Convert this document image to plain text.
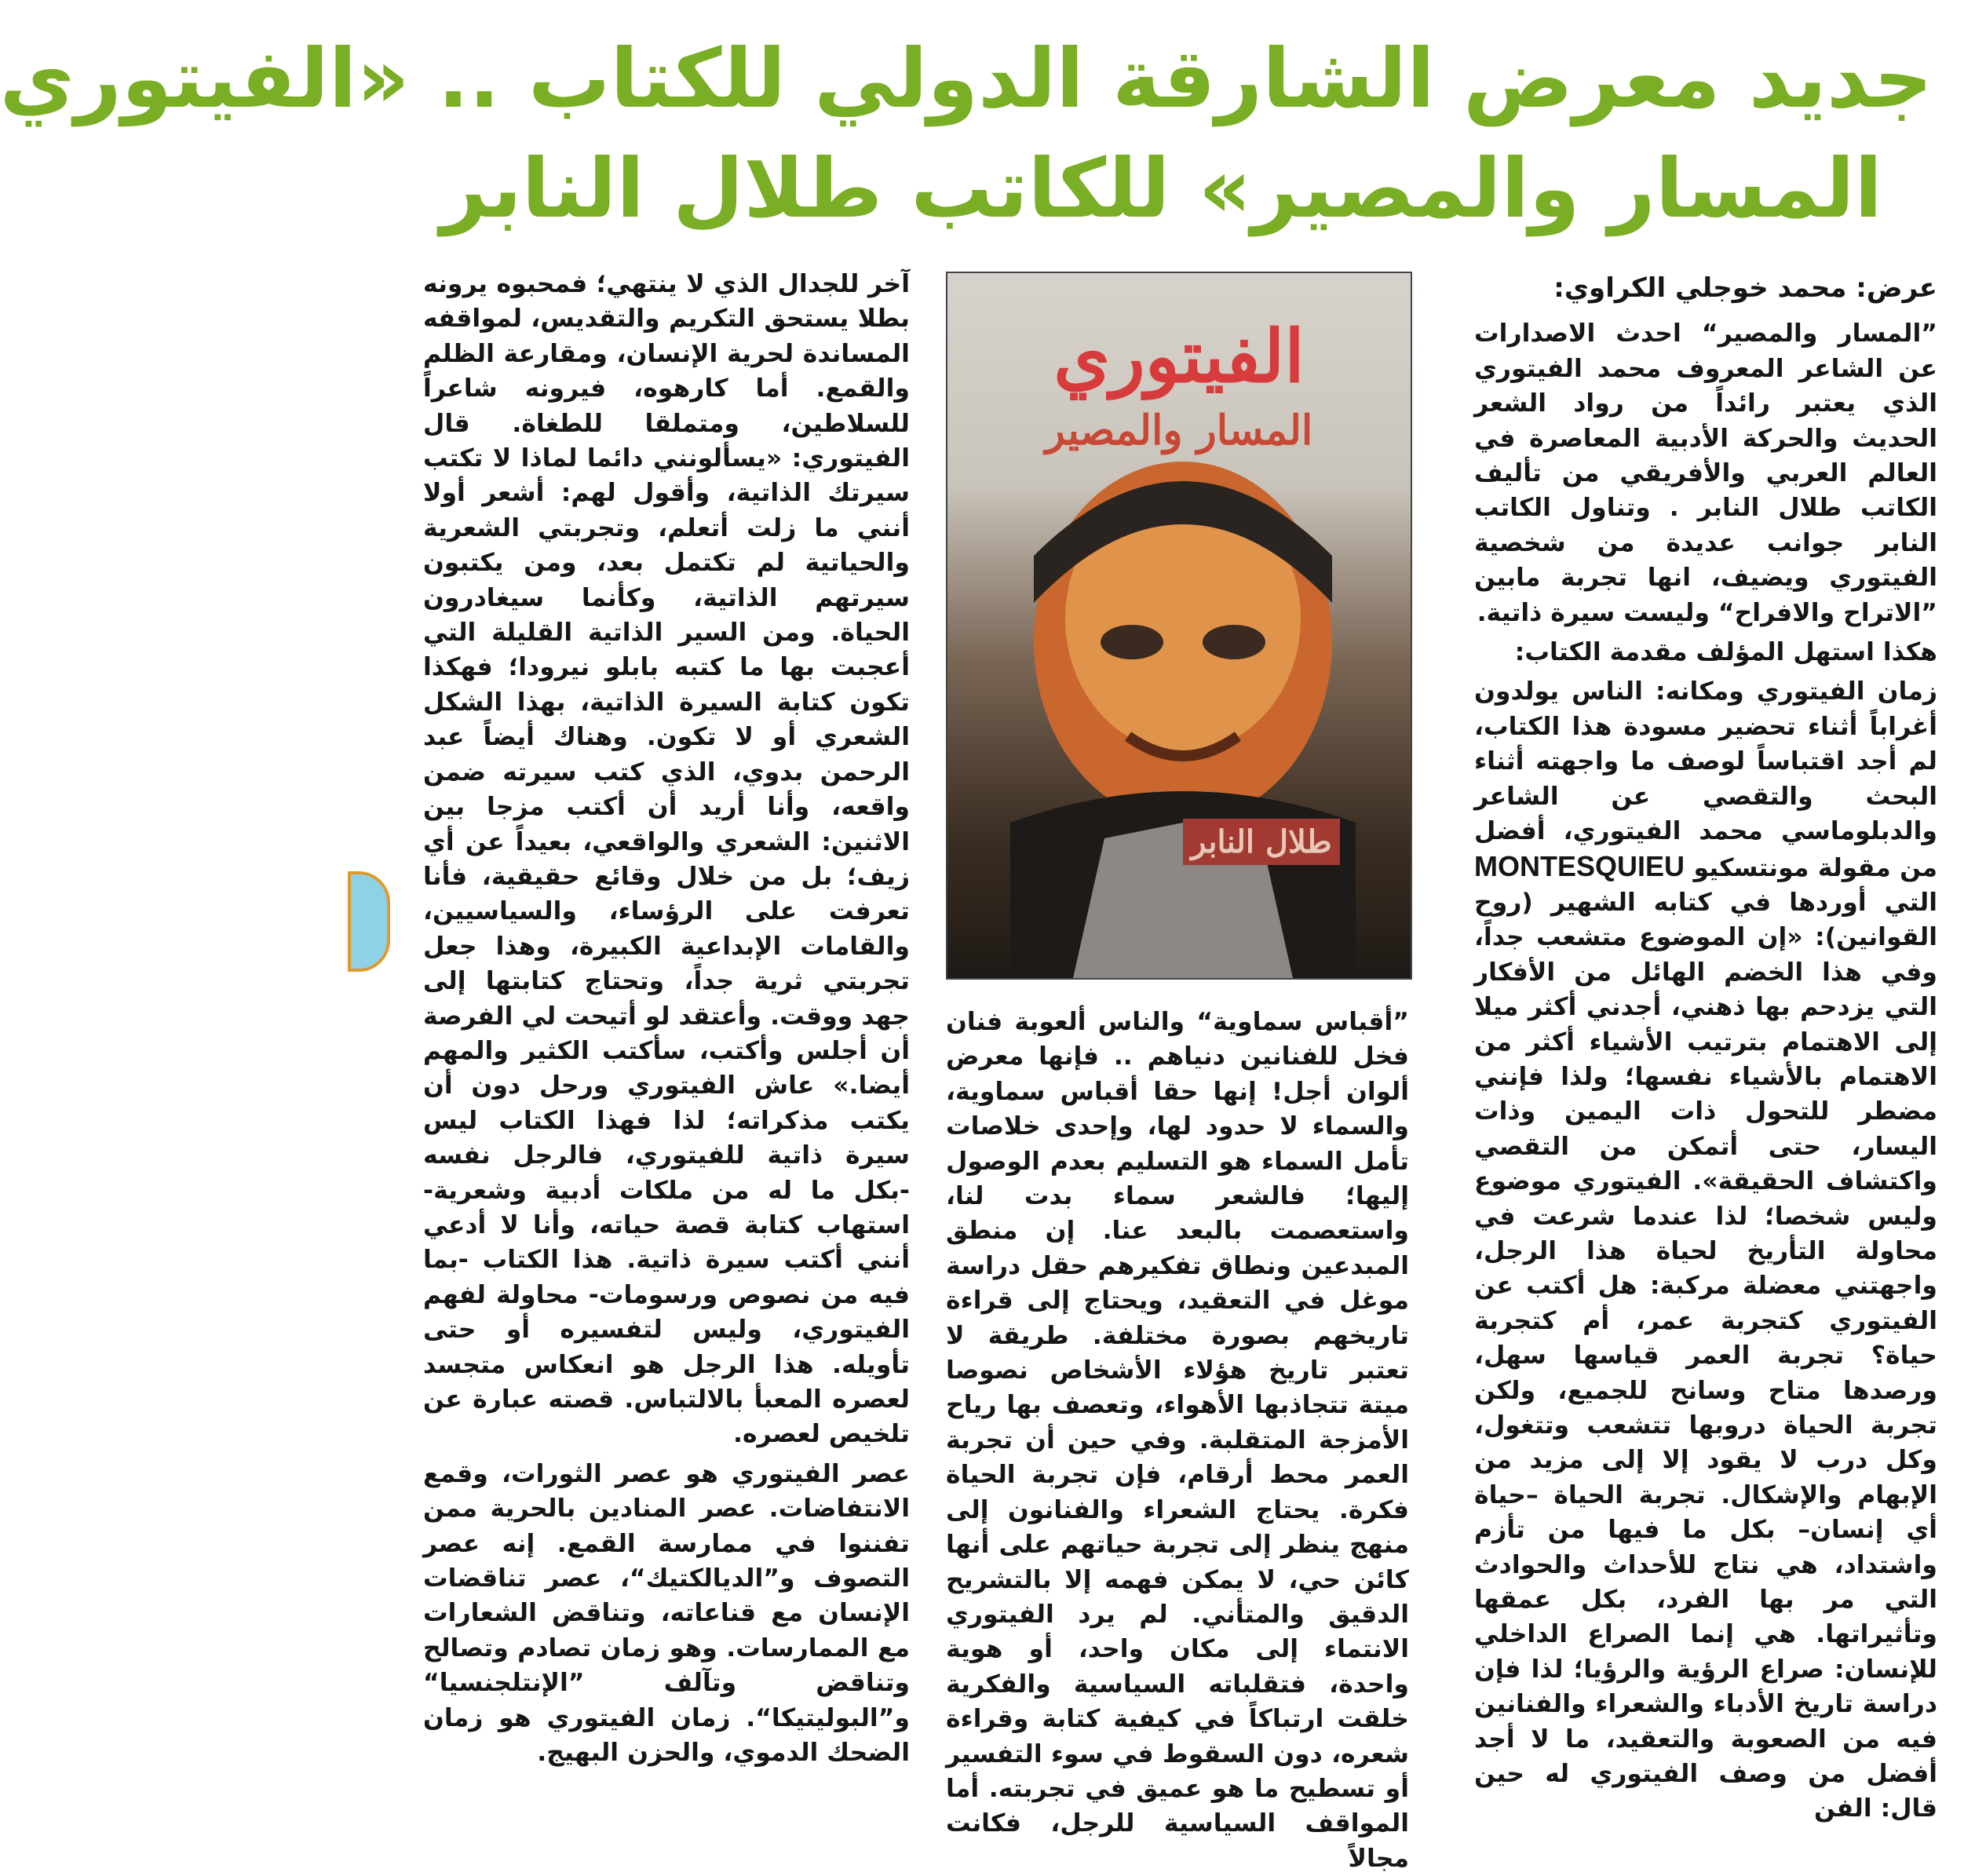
جديد معرض الشارقة الدولي للكتاب .. «الفيتوري
المسار والمصير» للكاتب طلال النابر
عرض: محمد خوجلي الكراوي:

”المسار والمصير“ احدث الاصدارات عن الشاعر المعروف محمد الفيتوري الذي يعتبر رائداً من رواد الشعر الحديث والحركة الأدبية المعاصرة في العالم العربي والأفريقي من تأليف الكاتب طلال النابر . وتناول الكاتب النابر جوانب عديدة من شخصية الفيتوري ويضيف، انها تجربة مابين ”الاتراح والافراح“ وليست سيرة ذاتية.

هكذا استهل المؤلف مقدمة الكتاب:

زمان الفيتوري ومكانه: الناس يولدون أغراباً أثناء تحضير مسودة هذا الكتاب، لم أجد اقتباساً لوصف ما واجهته أثناء البحث والتقصي عن الشاعر والدبلوماسي محمد الفيتوري، أفضل من مقولة مونتسكيو MONTESQUIEU التي أوردها في كتابه الشهير (روح القوانين): «إن الموضوع متشعب جداً، وفي هذا الخضم الهائل من الأفكار التي يزدحم بها ذهني، أجدني أكثر ميلا إلى الاهتمام بترتيب الأشياء أكثر من الاهتمام بالأشياء نفسها؛ ولذا فإنني مضطر للتحول ذات اليمين وذات اليسار، حتى أتمكن من التقصي واكتشاف الحقيقة». الفيتوري موضوع وليس شخصا؛ لذا عندما شرعت في محاولة التأريخ لحياة هذا الرجل، واجهتني معضلة مركبة: هل أكتب عن الفيتوري كتجربة عمر، أم كتجربة حياة؟ تجربة العمر قياسها سهل، ورصدها متاح وسانح للجميع، ولكن تجربة الحياة دروبها تتشعب وتتغول، وكل درب لا يقود إلا إلى مزيد من الإبهام والإشكال. تجربة الحياة –حياة أي إنسان– بكل ما فيها من تأزم واشتداد، هي نتاج للأحداث والحوادث التي مر بها الفرد، بكل عمقها وتأثيراتها. هي إنما الصراع الداخلي للإنسان: صراع الرؤية والرؤيا؛ لذا فإن دراسة تاريخ الأدباء والشعراء والفنانين فيه من الصعوبة والتعقيد، ما لا أجد أفضل من وصف الفيتوري له حين قال: الفن

الفيتوري
المسار والمصير
طلال النابر

”أقباس سماوية“ والناس ألعوبة فنان فخل للفنانين دنياهم .. فإنها معرض ألوان أجل! إنها حقا أقباس سماوية، والسماء لا حدود لها، وإحدى خلاصات تأمل السماء هو التسليم بعدم الوصول إليها؛ فالشعر سماء بدت لنا، واستعصمت بالبعد عنا. إن منطق المبدعين ونطاق تفكيرهم حقل دراسة موغل في التعقيد، ويحتاج إلى قراءة تاريخهم بصورة مختلفة. طريقة لا تعتبر تاريخ هؤلاء الأشخاص نصوصا ميتة تتجاذبها الأهواء، وتعصف بها رياح الأمزجة المتقلبة. وفي حين أن تجربة العمر محط أرقام، فإن تجربة الحياة فكرة. يحتاج الشعراء والفنانون إلى منهج ينظر إلى تجربة حياتهم على أنها كائن حي، لا يمكن فهمه إلا بالتشريح الدقيق والمتأني. لم يرد الفيتوري الانتماء إلى مكان واحد، أو هوية واحدة، فتقلباته السياسية والفكرية خلقت ارتباكاً في كيفية كتابة وقراءة شعره، دون السقوط في سوء التفسير أو تسطيح ما هو عميق في تجربته. أما المواقف السياسية للرجل، فكانت مجالاً

آخر للجدال الذي لا ينتهي؛ فمحبوه يرونه بطلا يستحق التكريم والتقديس، لمواقفه المساندة لحرية الإنسان، ومقارعة الظلم والقمع. أما كارهوه، فيرونه شاعراً للسلاطين، ومتملقا للطغاة. قال الفيتوري: «يسألونني دائما لماذا لا تكتب سيرتك الذاتية، وأقول لهم: أشعر أولا أنني ما زلت أتعلم، وتجربتي الشعرية والحياتية لم تكتمل بعد، ومن يكتبون سيرتهم الذاتية، وكأنما سيغادرون الحياة. ومن السير الذاتية القليلة التي أعجبت بها ما كتبه بابلو نيرودا؛ فهكذا تكون كتابة السيرة الذاتية، بهذا الشكل الشعري أو لا تكون. وهناك أيضاً عبد الرحمن بدوي، الذي كتب سيرته ضمن واقعه، وأنا أريد أن أكتب مزجا بين الاثنين: الشعري والواقعي، بعيداً عن أي زيف؛ بل من خلال وقائع حقيقية، فأنا تعرفت على الرؤساء، والسياسيين، والقامات الإبداعية الكبيرة، وهذا جعل تجربتي ثرية جداً، وتحتاج كتابتها إلى جهد ووقت. وأعتقد لو أتيحت لي الفرصة أن أجلس وأكتب، سأكتب الكثير والمهم أيضا.» عاش الفيتوري ورحل دون أن يكتب مذكراته؛ لذا فهذا الكتاب ليس سيرة ذاتية للفيتوري، فالرجل نفسه -بكل ما له من ملكات أدبية وشعرية- استهاب كتابة قصة حياته، وأنا لا أدعي أنني أكتب سيرة ذاتية. هذا الكتاب -بما فيه من نصوص ورسومات- محاولة لفهم الفيتوري، وليس لتفسيره أو حتى تأويله. هذا الرجل هو انعكاس متجسد لعصره المعبأ بالالتباس. قصته عبارة عن تلخيص لعصره.

عصر الفيتوري هو عصر الثورات، وقمع الانتفاضات. عصر المنادين بالحرية ممن تفننوا في ممارسة القمع. إنه عصر التصوف و”الديالكتيك“، عصر تناقضات الإنسان مع قناعاته، وتناقض الشعارات مع الممارسات. وهو زمان تصادم وتصالح وتناقض وتآلف ”الإنتلجنسيا“ و”البوليتيكا“. زمان الفيتوري هو زمان الضحك الدموي، والحزن البهيج.
